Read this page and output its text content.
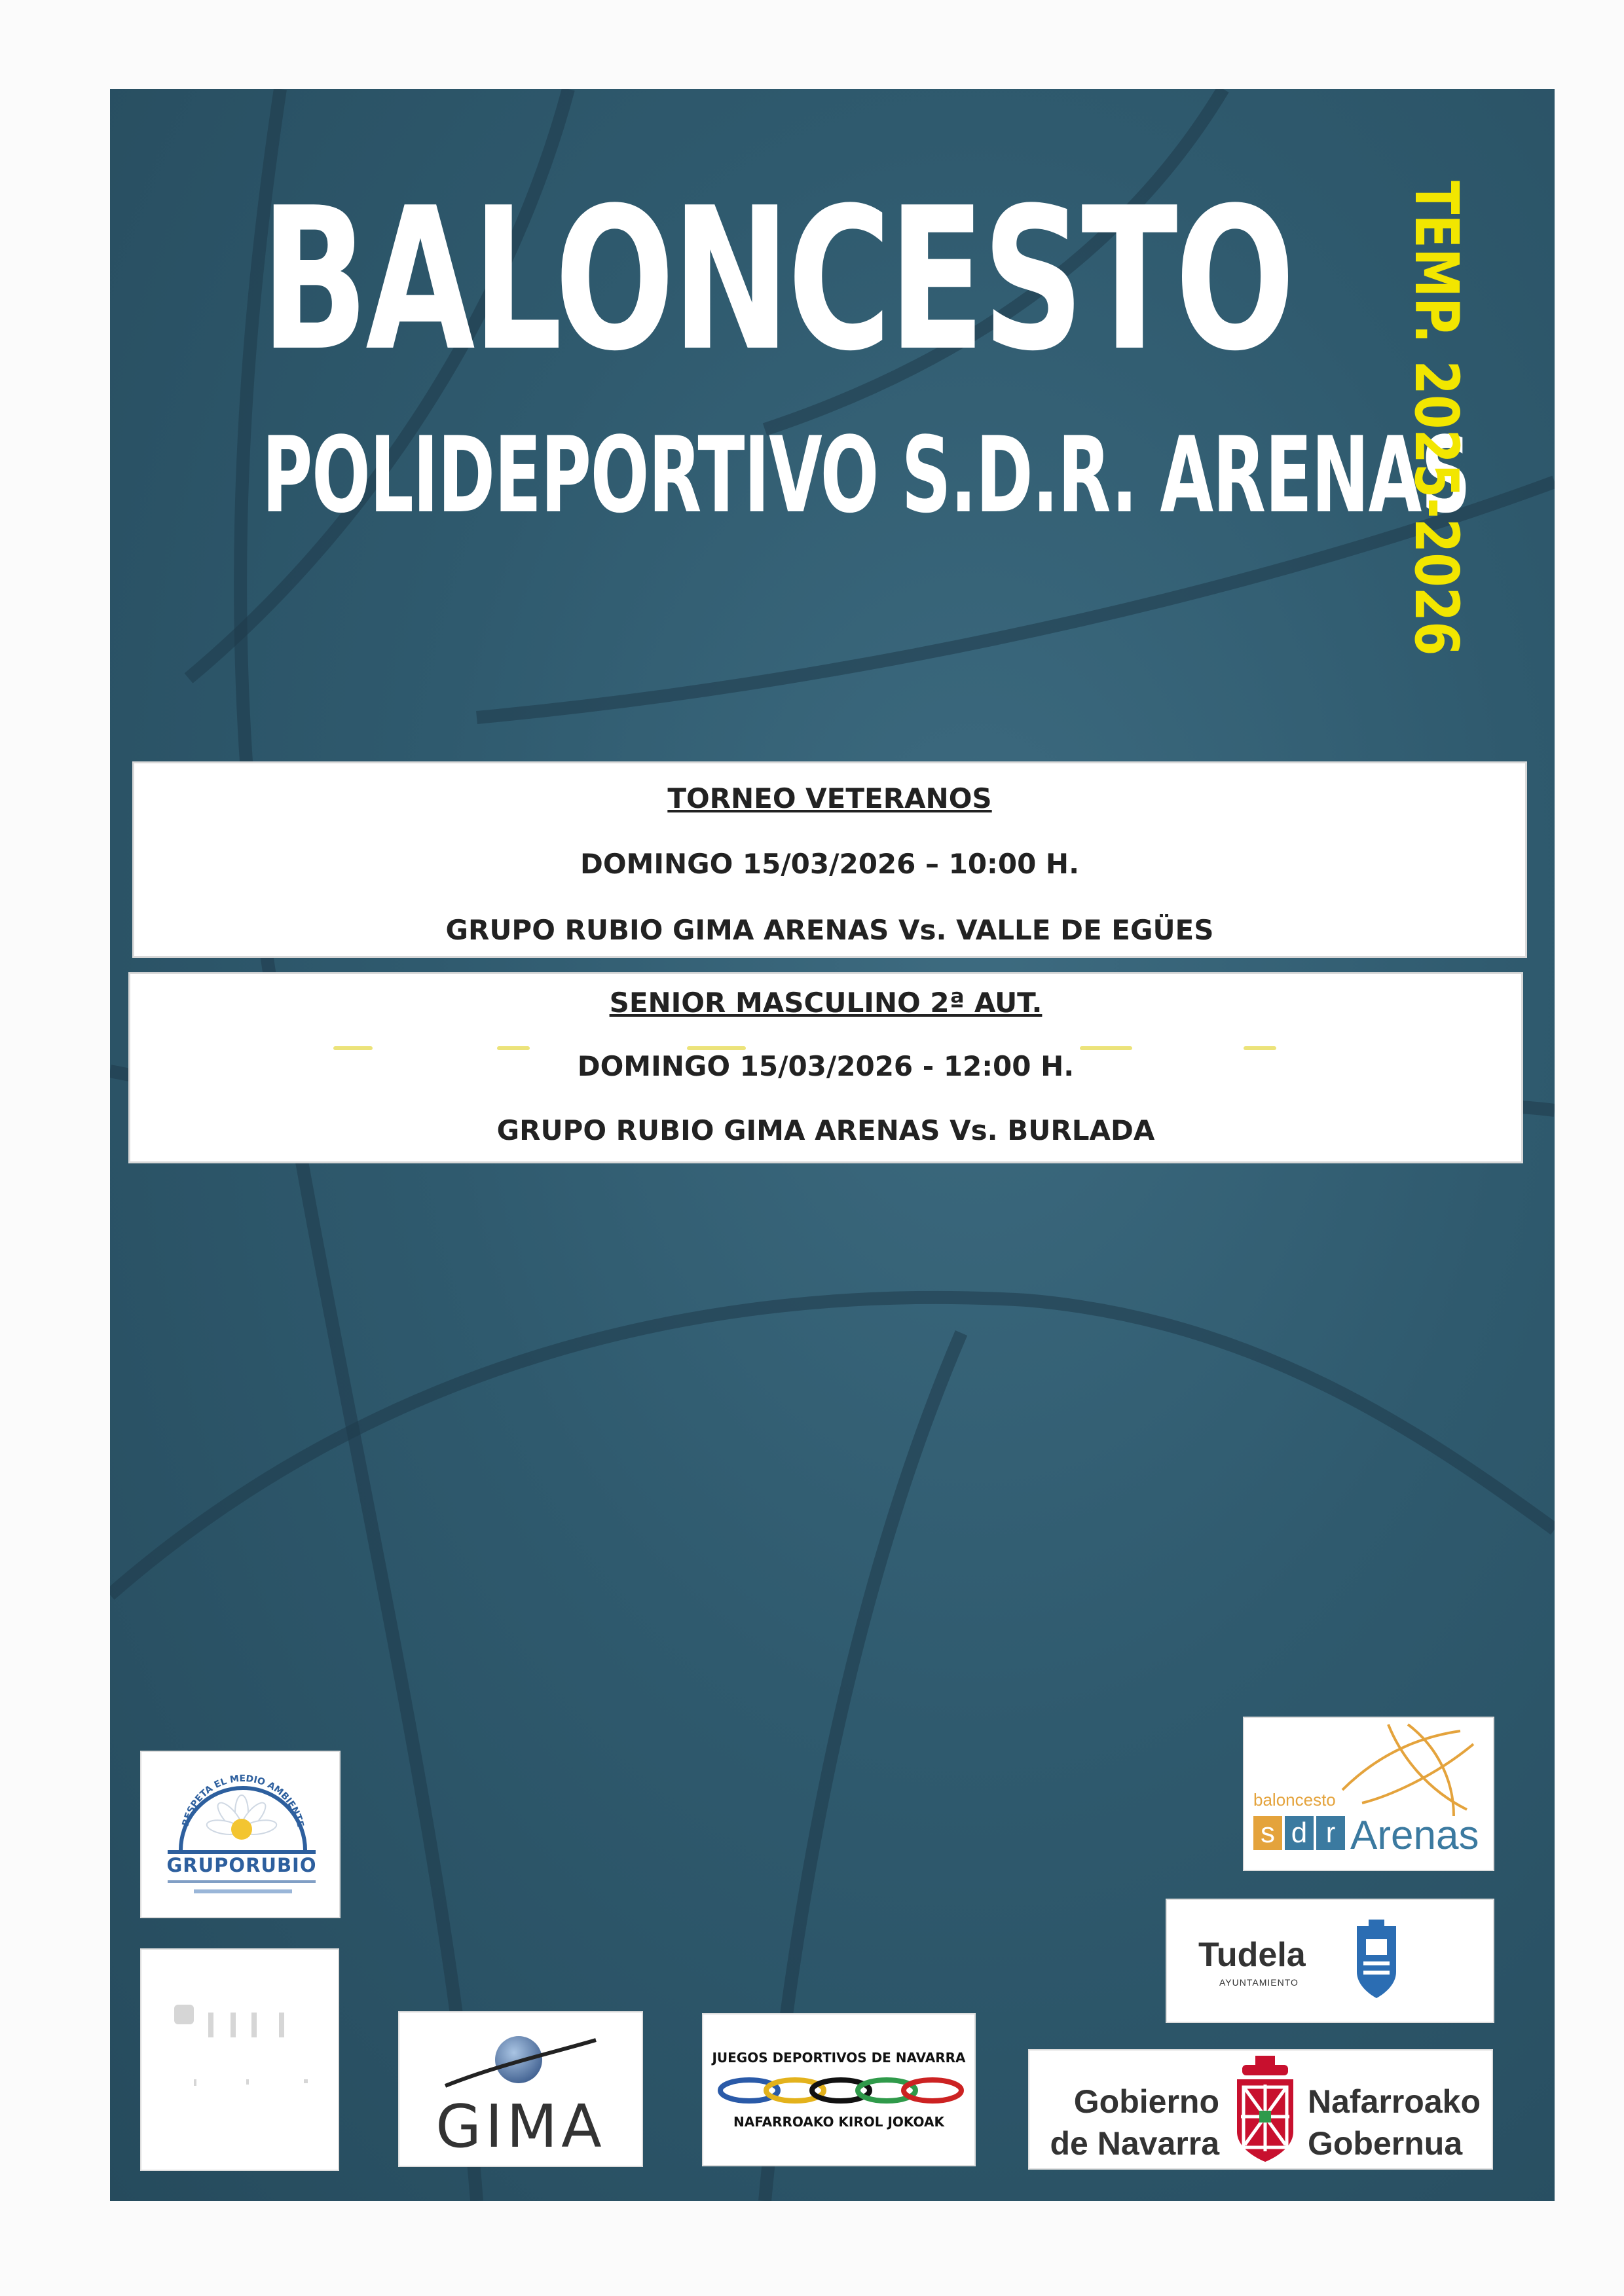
BALONCESTO
POLIDEPORTIVO S.D.R. ARENAS
TEMP. 2025-2026
TORNEO VETERANOS
DOMINGO 15/03/2026 – 10:00 H.
GRUPO RUBIO GIMA ARENAS Vs. VALLE DE EGÜES
SENIOR MASCULINO 2ª AUT.
DOMINGO 15/03/2026 - 12:00 H.
GRUPO RUBIO GIMA ARENAS Vs. BURLADA
RESPETA EL MEDIO AMBIENTE
GRUPORUBIO
GIMA
JUEGOS DEPORTIVOS DE NAVARRA
NAFARROAKO KIROL JOKOAK
baloncesto
s d r Arenas
Tudela
AYUNTAMIENTO
Gobierno
de Navarra
Nafarroako
Gobernua
